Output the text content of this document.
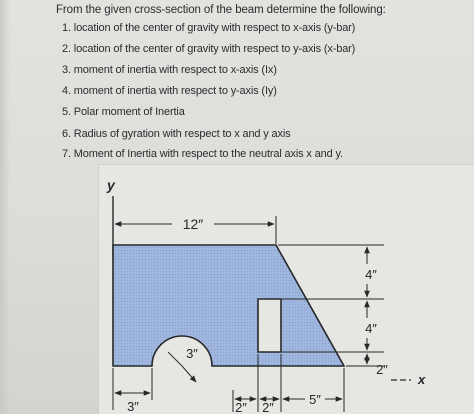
From the given cross-section of the beam determine the following:
1. location of the center of gravity with respect to x-axis (y-bar)
2. location of the center of gravity with respect to y-axis (x-bar)
3. moment of inertia with respect to x-axis (Ix)
4. moment of inertia with respect to y-axis (Iy)
5. Polar moment of Inertia
6. Radius of gyration with respect to x and y axis
7. Moment of Inertia with respect to the neutral axis x and y.
y
12″
4″
4″
2″
x
3″
3″	2″ 2″
5″
